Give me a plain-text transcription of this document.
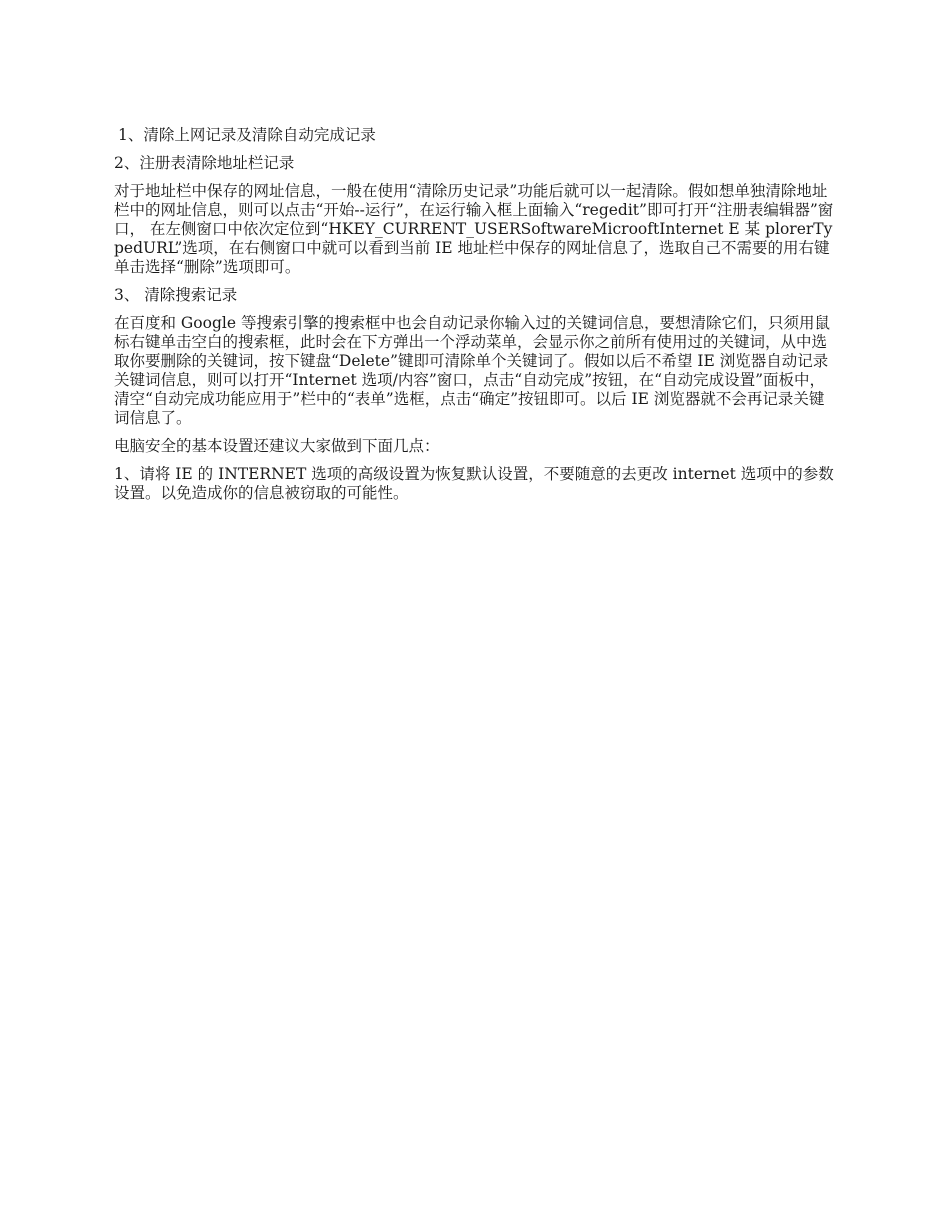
1、清除上网记录及清除自动完成记录

2、注册表清除地址栏记录

对于地址栏中保存的网址信息，一般在使用“清除历史记录”功能后就可以一起清除。假如想单独清除地址栏中的网址信息，则可以点击“开始--运行”，在运行输入框上面输入“regedit”即可打开“注册表编辑器”窗口， 在左侧窗口中依次定位到“HKEY_CURRENT_USERSoftwareMicrooftInternet E 某 plorerTypedURL”选项，在右侧窗口中就可以看到当前 IE 地址栏中保存的网址信息了，选取自己不需要的用右键单击选择“删除”选项即可。

3、 清除搜索记录

在百度和 Google 等搜索引擎的搜索框中也会自动记录你输入过的关键词信息，要想清除它们，只须用鼠标右键单击空白的搜索框，此时会在下方弹出一个浮动菜单，会显示你之前所有使用过的关键词，从中选取你要删除的关键词，按下键盘“Delete”键即可清除单个关键词了。假如以后不希望 IE 浏览器自动记录关键词信息，则可以打开“Internet 选项/内容”窗口，点击“自动完成”按钮，在“自动完成设置”面板中，清空“自动完成功能应用于”栏中的“表单”选框，点击“确定”按钮即可。以后 IE 浏览器就不会再记录关键词信息了。

电脑安全的基本设置还建议大家做到下面几点：

1、请将 IE 的 INTERNET 选项的高级设置为恢复默认设置，不要随意的去更改 internet 选项中的参数设置。以免造成你的信息被窃取的可能性。
